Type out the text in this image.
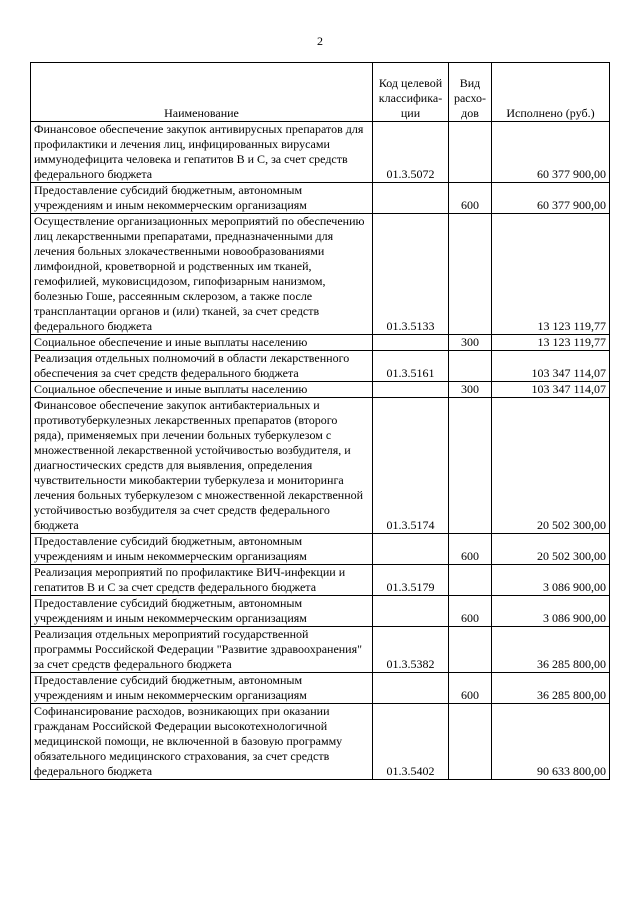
2
Наименование	Код целевой классифика-ции	Вид расхо-дов	Исполнено (руб.)
Финансовое обеспечение закупок антивирусных препаратов для профилактики и лечения лиц, инфицированных вирусами иммунодефицита человека и гепатитов B и C, за счет средств федерального бюджета	01.3.5072		60 377 900,00
Предоставление субсидий бюджетным, автономным учреждениям и иным некоммерческим организациям		600	60 377 900,00
Осуществление организационных мероприятий по обеспечению лиц лекарственными препаратами, предназначенными для лечения больных злокачественными новообразованиями лимфоидной, кроветворной и родственных им тканей, гемофилией, муковисцидозом, гипофизарным нанизмом, болезнью Гоше, рассеянным склерозом, а также после трансплантации органов и (или) тканей, за счет средств федерального бюджета	01.3.5133		13 123 119,77
Социальное обеспечение и иные выплаты населению		300	13 123 119,77
Реализация отдельных полномочий в области лекарственного обеспечения за счет средств федерального бюджета	01.3.5161		103 347 114,07
Социальное обеспечение и иные выплаты населению		300	103 347 114,07
Финансовое обеспечение закупок антибактериальных и противотуберкулезных лекарственных препаратов (второго ряда), применяемых при лечении больных туберкулезом с множественной лекарственной устойчивостью возбудителя, и диагностических средств для выявления, определения чувствительности микобактерии туберкулеза и мониторинга лечения больных туберкулезом с множественной лекарственной устойчивостью возбудителя за счет средств федерального бюджета	01.3.5174		20 502 300,00
Предоставление субсидий бюджетным, автономным учреждениям и иным некоммерческим организациям		600	20 502 300,00
Реализация мероприятий по профилактике ВИЧ-инфекции и гепатитов B и C за счет средств федерального бюджета	01.3.5179		3 086 900,00
Предоставление субсидий бюджетным, автономным учреждениям и иным некоммерческим организациям		600	3 086 900,00
Реализация отдельных мероприятий государственной программы Российской Федерации "Развитие здравоохранения" за счет средств федерального бюджета	01.3.5382		36 285 800,00
Предоставление субсидий бюджетным, автономным учреждениям и иным некоммерческим организациям		600	36 285 800,00
Софинансирование расходов, возникающих при оказании гражданам Российской Федерации высокотехнологичной медицинской помощи, не включенной в базовую программу обязательного медицинского страхования, за счет средств федерального бюджета	01.3.5402		90 633 800,00
